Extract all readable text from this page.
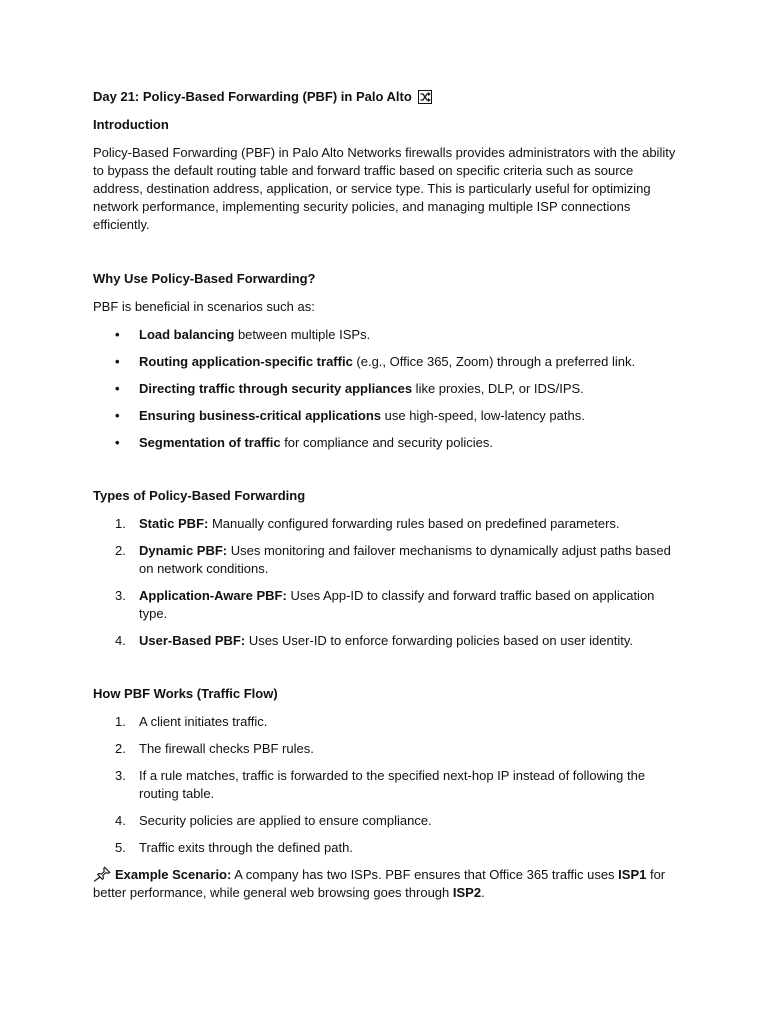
Day 21: Policy-Based Forwarding (PBF) in Palo Alto
Introduction

Policy-Based Forwarding (PBF) in Palo Alto Networks firewalls provides administrators with the ability to bypass the default routing table and forward traffic based on specific criteria such as source address, destination address, application, or service type. This is particularly useful for optimizing network performance, implementing security policies, and managing multiple ISP connections efficiently.

Why Use Policy-Based Forwarding?

PBF is beneficial in scenarios such as:

• Load balancing between multiple ISPs.
• Routing application-specific traffic (e.g., Office 365, Zoom) through a preferred link.
• Directing traffic through security appliances like proxies, DLP, or IDS/IPS.
• Ensuring business-critical applications use high-speed, low-latency paths.
• Segmentation of traffic for compliance and security policies.
Types of Policy-Based Forwarding
1. Static PBF: Manually configured forwarding rules based on predefined parameters.
2. Dynamic PBF: Uses monitoring and failover mechanisms to dynamically adjust paths based on network conditions.
3. Application-Aware PBF: Uses App-ID to classify and forward traffic based on application type.
4. User-Based PBF: Uses User-ID to enforce forwarding policies based on user identity.
How PBF Works (Traffic Flow)
1. A client initiates traffic.
2. The firewall checks PBF rules.
3. If a rule matches, traffic is forwarded to the specified next-hop IP instead of following the routing table.
4. Security policies are applied to ensure compliance.
5. Traffic exits through the defined path.

Example Scenario: A company has two ISPs. PBF ensures that Office 365 traffic uses ISP1 for better performance, while general web browsing goes through ISP2.
